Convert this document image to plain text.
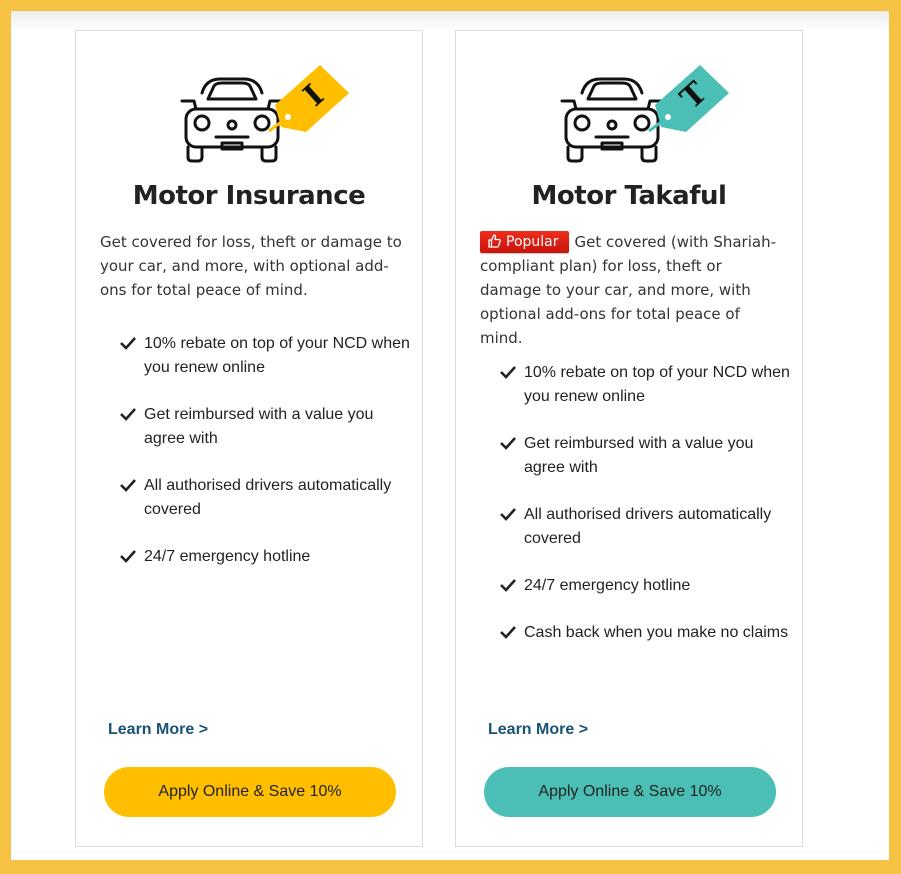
I
Motor Insurance
Get covered for loss, theft or damage to your car, and more, with optional add-ons for total peace of mind.
10% rebate on top of your NCD when you renew online
Get reimbursed with a value you agree with
All authorised drivers automatically covered
24/7 emergency hotline
Learn More >
Apply Online & Save 10%
T
Motor Takaful
Popular Get covered (with Shariah-compliant plan) for loss, theft or damage to your car, and more, with optional add-ons for total peace of mind.
10% rebate on top of your NCD when you renew online
Get reimbursed with a value you agree with
All authorised drivers automatically covered
24/7 emergency hotline
Cash back when you make no claims
Learn More >
Apply Online & Save 10%
